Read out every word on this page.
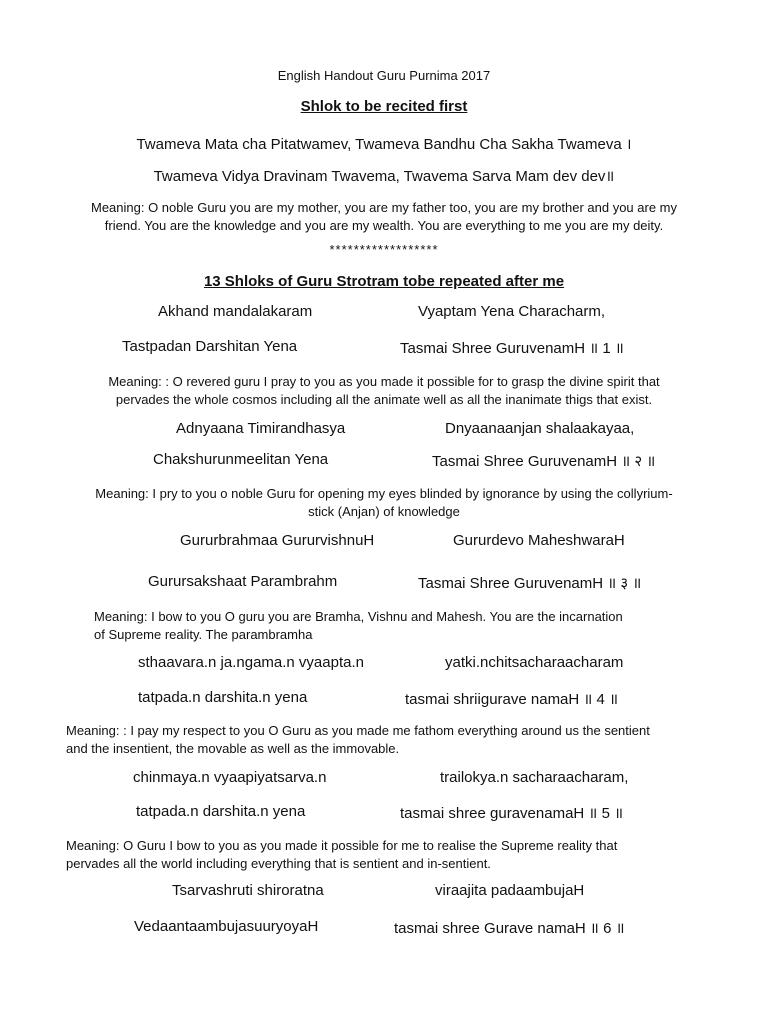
English Handout Guru Purnima 2017
Shlok to be recited first
Twameva Mata cha Pitatwamev, Twameva Bandhu Cha Sakha Twameva ।
Twameva Vidya Dravinam Twavema, Twavema Sarva Mam dev dev॥
Meaning: O noble Guru you are my mother, you are my father too, you are my brother and you are my
friend. You are the knowledge and you are my wealth. You are everything to me you are my deity.
******************
13 Shloks of Guru Strotram tobe repeated after me
Akhand mandalakaram	Vyaptam Yena Characharm,
Tastpadan Darshitan Yena	Tasmai Shree GuruvenamH ॥ 1 ॥
Meaning: : O revered guru I pray to you as you made it possible for to grasp the divine spirit that
pervades the whole cosmos including all the animate well as all the inanimate thigs that exist.
Adnyaana Timirandhasya	Dnyaanaanjan shalaakayaa,
Chakshurunmeelitan Yena	Tasmai Shree GuruvenamH ॥ २ ॥
Meaning: I pry to you o noble Guru for opening my eyes blinded by ignorance by using the collyrium-
stick (Anjan) of knowledge
Gururbrahmaa GururvishnuH	Gururdevo MaheshwaraH
Gurursakshaat Parambrahm	Tasmai Shree GuruvenamH ॥ ३ ॥
Meaning: I bow to you O guru you are Bramha, Vishnu and Mahesh. You are the incarnation
of Supreme reality. The parambramha
sthaavara.n ja.ngama.n vyaapta.n	yatki.nchitsacharaacharam
tatpada.n darshita.n yena	tasmai shriigurave namaH ॥ 4 ॥
Meaning: : I pay my respect to you O Guru as you made me fathom everything around us the sentient
and the insentient, the movable as well as the immovable.
chinmaya.n vyaapiyatsarva.n	trailokya.n sacharaacharam,
tatpada.n darshita.n yena	tasmai shree guravenamaH ॥ 5 ॥
Meaning: O Guru I bow to you as you made it possible for me to realise the Supreme reality that
pervades all the world including everything that is sentient and in-sentient.
Tsarvashruti shiroratna	viraajita padaambujaH
VedaantaambujasuuryoyaH	tasmai shree Gurave namaH ॥ 6 ॥
